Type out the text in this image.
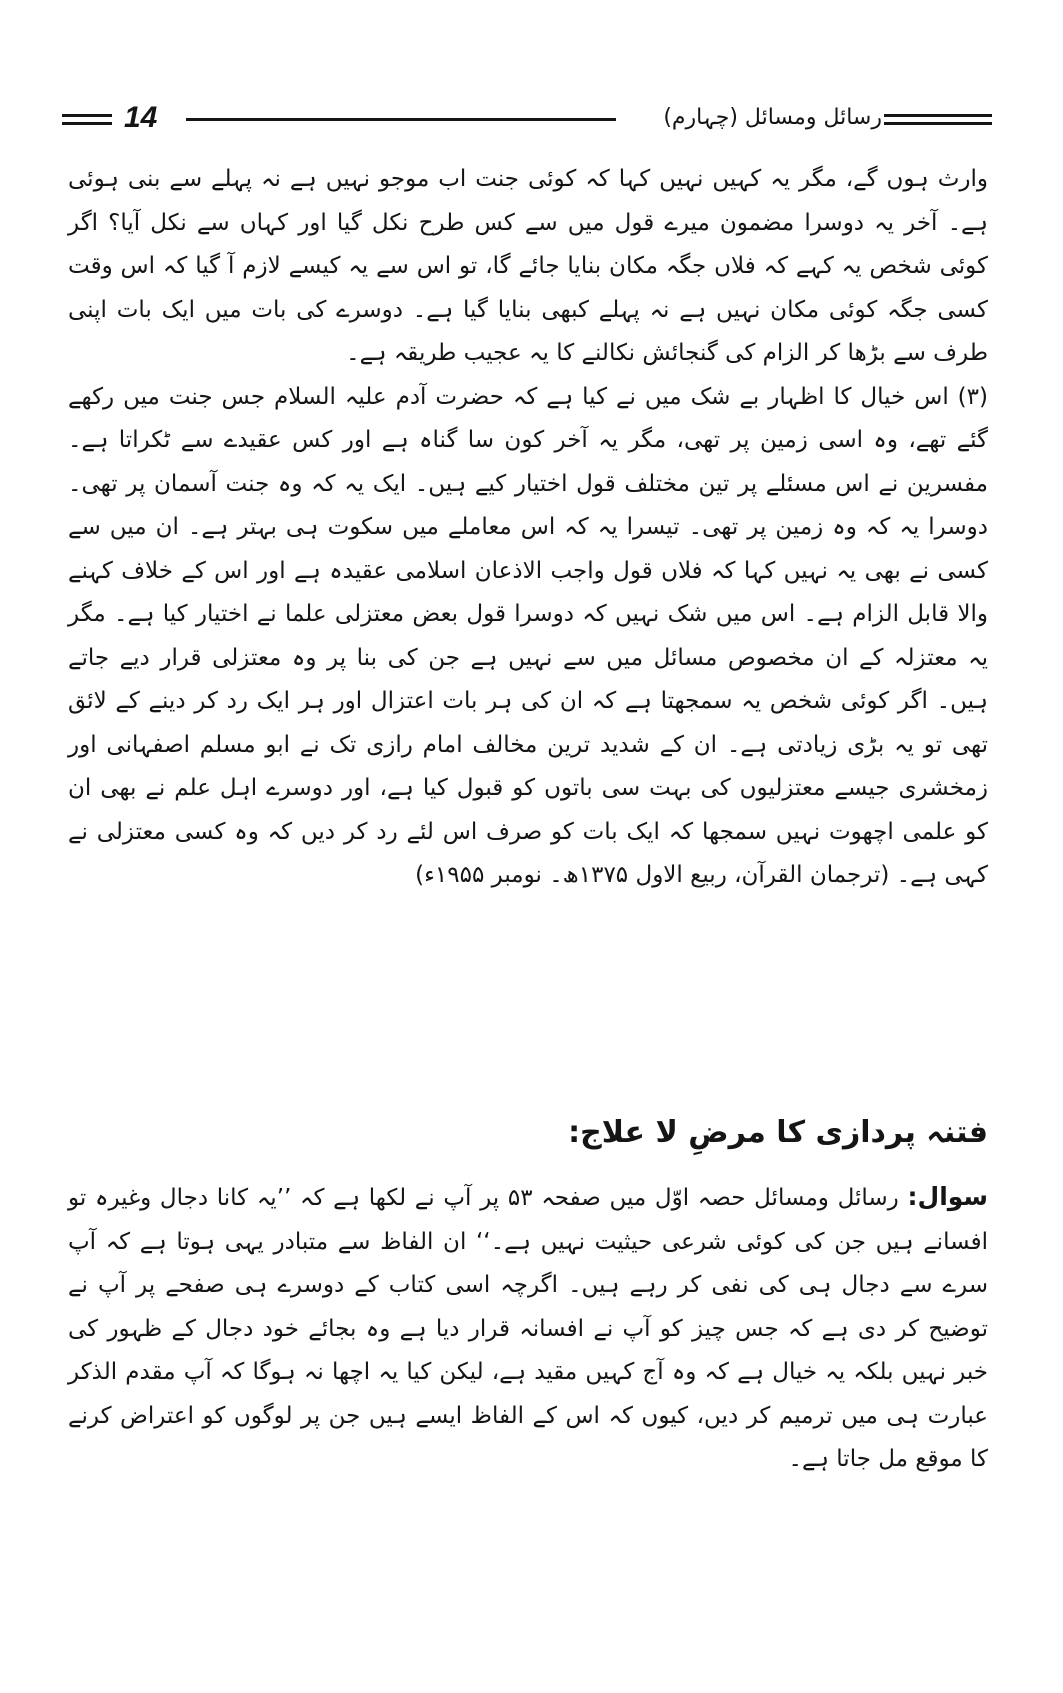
14	رسائل ومسائل (چہارم)

وارث ہوں گے، مگر یہ کہیں نہیں کہا کہ کوئی جنت اب موجو نہیں ہے نہ پہلے سے بنی ہوئی ہے۔ آخر یہ دوسرا مضمون میرے قول میں سے کس طرح نکل گیا اور کہاں سے نکل آیا؟ اگر کوئی شخص یہ کہے کہ فلاں جگہ مکان بنایا جائے گا، تو اس سے یہ کیسے لازم آ گیا کہ اس وقت کسی جگہ کوئی مکان نہیں ہے نہ پہلے کبھی بنایا گیا ہے۔ دوسرے کی بات میں ایک بات اپنی طرف سے بڑھا کر الزام کی گنجائش نکالنے کا یہ عجیب طریقہ ہے۔

(۳) اس خیال کا اظہار بے شک میں نے کیا ہے کہ حضرت آدم علیہ السلام جس جنت میں رکھے گئے تھے، وہ اسی زمین پر تھی، مگر یہ آخر کون سا گناہ ہے اور کس عقیدے سے ٹکراتا ہے۔ مفسرین نے اس مسئلے پر تین مختلف قول اختیار کیے ہیں۔ ایک یہ کہ وہ جنت آسمان پر تھی۔ دوسرا یہ کہ وہ زمین پر تھی۔ تیسرا یہ کہ اس معاملے میں سکوت ہی بہتر ہے۔ ان میں سے کسی نے بھی یہ نہیں کہا کہ فلاں قول واجب الاذعان اسلامی عقیدہ ہے اور اس کے خلاف کہنے والا قابل الزام ہے۔ اس میں شک نہیں کہ دوسرا قول بعض معتزلی علما نے اختیار کیا ہے۔ مگر یہ معتزلہ کے ان مخصوص مسائل میں سے نہیں ہے جن کی بنا پر وہ معتزلی قرار دیے جاتے ہیں۔ اگر کوئی شخص یہ سمجھتا ہے کہ ان کی ہر بات اعتزال اور ہر ایک رد کر دینے کے لائق تھی تو یہ بڑی زیادتی ہے۔ ان کے شدید ترین مخالف امام رازی تک نے ابو مسلم اصفہانی اور زمخشری جیسے معتزلیوں کی بہت سی باتوں کو قبول کیا ہے، اور دوسرے اہل علم نے بھی ان کو علمی اچھوت نہیں سمجھا کہ ایک بات کو صرف اس لئے رد کر دیں کہ وہ کسی معتزلی نے کہی ہے۔ (ترجمان القرآن، ربیع الاول ۱۳۷۵ھ۔ نومبر ۱۹۵۵ء)

فتنہ پردازی کا مرضِ لا علاج:
سوال: رسائل ومسائل حصہ اوّل میں صفحہ ۵۳ پر آپ نے لکھا ہے کہ ’’یہ کانا دجال وغیرہ تو افسانے ہیں جن کی کوئی شرعی حیثیت نہیں ہے۔‘‘ ان الفاظ سے متبادر یہی ہوتا ہے کہ آپ سرے سے دجال ہی کی نفی کر رہے ہیں۔ اگرچہ اسی کتاب کے دوسرے ہی صفحے پر آپ نے توضیح کر دی ہے کہ جس چیز کو آپ نے افسانہ قرار دیا ہے وہ بجائے خود دجال کے ظہور کی خبر نہیں بلکہ یہ خیال ہے کہ وہ آج کہیں مقید ہے، لیکن کیا یہ اچھا نہ ہوگا کہ آپ مقدم الذکر عبارت ہی میں ترمیم کر دیں، کیوں کہ اس کے الفاظ ایسے ہیں جن پر لوگوں کو اعتراض کرنے کا موقع مل جاتا ہے۔
